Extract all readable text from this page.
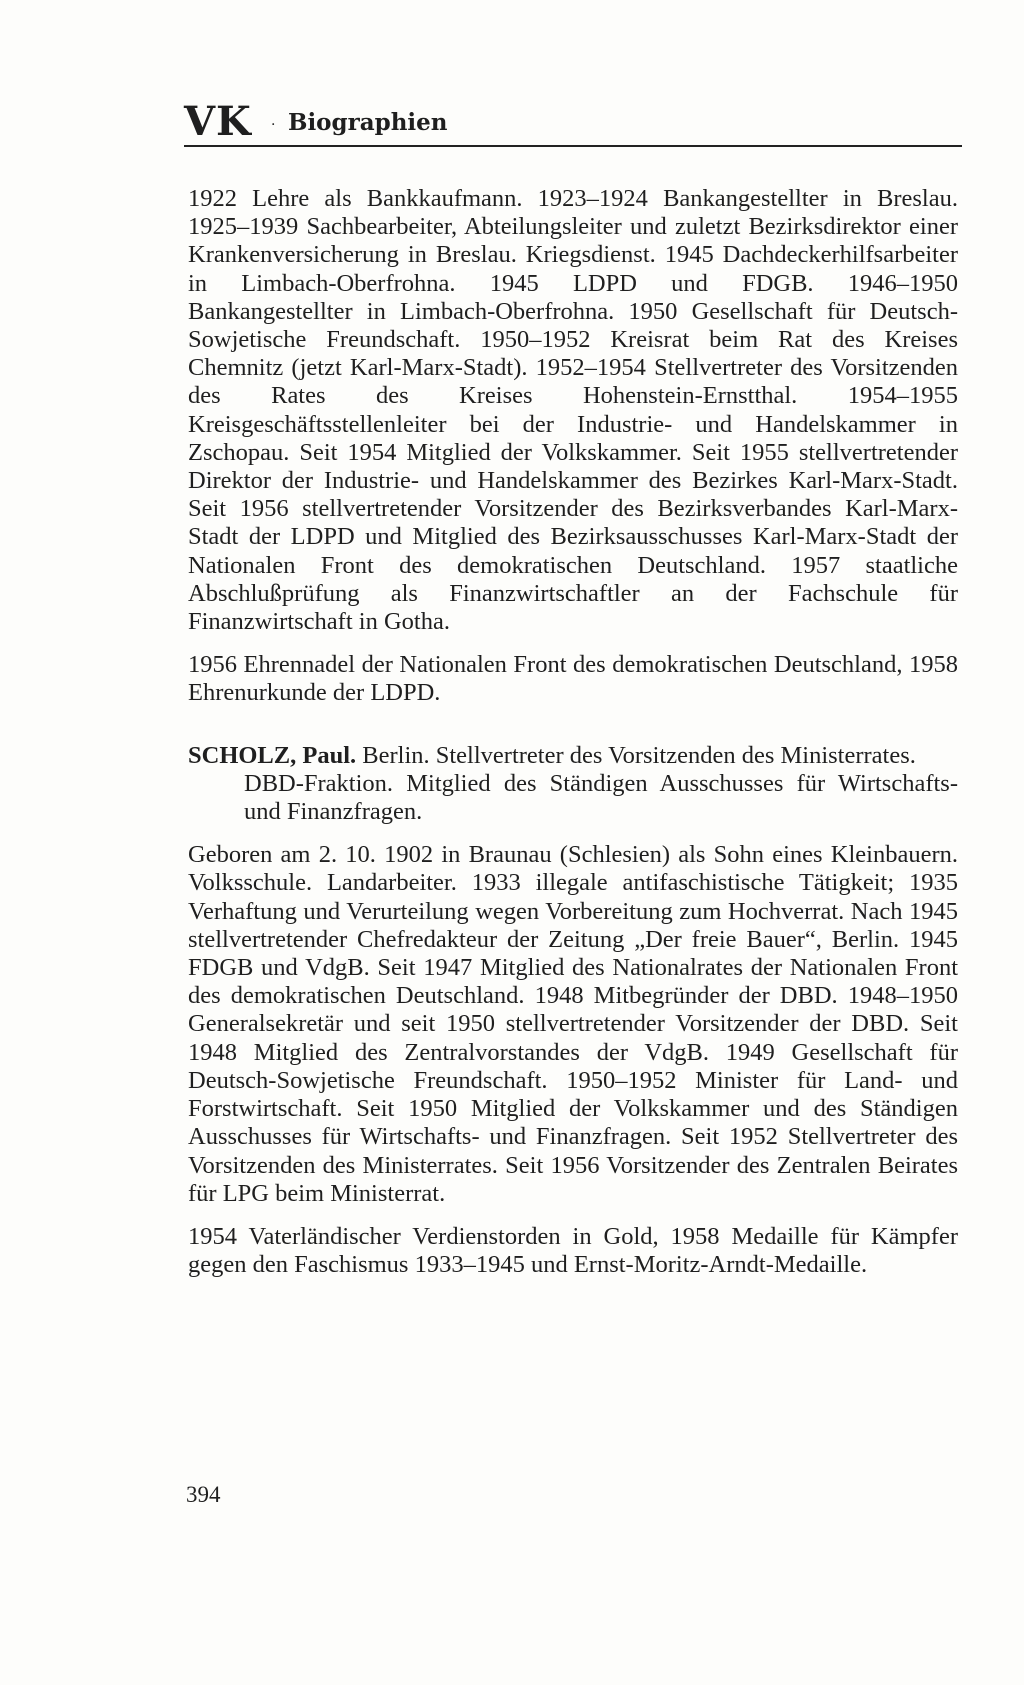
VK · Biographien

1922 Lehre als Bankkaufmann. 1923–1924 Bankangestellter in Breslau. 1925–1939 Sachbearbeiter, Abteilungsleiter und zuletzt Bezirksdirektor einer Krankenversicherung in Breslau. Kriegsdienst. 1945 Dachdeckerhilfsarbeiter in Limbach-Oberfrohna. 1945 LDPD und FDGB. 1946–1950 Bankangestellter in Limbach-Oberfrohna. 1950 Gesellschaft für Deutsch-Sowjetische Freundschaft. 1950–1952 Kreisrat beim Rat des Kreises Chemnitz (jetzt Karl-Marx-Stadt). 1952–1954 Stellvertreter des Vorsitzenden des Rates des Kreises Hohenstein-Ernstthal. 1954–1955 Kreisgeschäftsstellenleiter bei der Industrie- und Handelskammer in Zschopau. Seit 1954 Mitglied der Volkskammer. Seit 1955 stellvertretender Direktor der Industrie- und Handelskammer des Bezirkes Karl-Marx-Stadt. Seit 1956 stellvertretender Vorsitzender des Bezirksverbandes Karl-Marx-Stadt der LDPD und Mitglied des Bezirksausschusses Karl-Marx-Stadt der Nationalen Front des demokratischen Deutschland. 1957 staatliche Abschlußprüfung als Finanzwirtschaftler an der Fachschule für Finanzwirtschaft in Gotha.

1956 Ehrennadel der Nationalen Front des demokratischen Deutschland, 1958 Ehrenurkunde der LDPD.

SCHOLZ, Paul. Berlin. Stellvertreter des Vorsitzenden des Ministerrates.

DBD-Fraktion. Mitglied des Ständigen Ausschusses für Wirtschafts- und Finanzfragen.

Geboren am 2. 10. 1902 in Braunau (Schlesien) als Sohn eines Kleinbauern. Volksschule. Landarbeiter. 1933 illegale antifaschistische Tätigkeit; 1935 Verhaftung und Verurteilung wegen Vorbereitung zum Hochverrat. Nach 1945 stellvertretender Chefredakteur der Zeitung „Der freie Bauer“, Berlin. 1945 FDGB und VdgB. Seit 1947 Mitglied des Nationalrates der Nationalen Front des demokratischen Deutschland. 1948 Mitbegründer der DBD. 1948–1950 Generalsekretär und seit 1950 stellvertretender Vorsitzender der DBD. Seit 1948 Mitglied des Zentralvorstandes der VdgB. 1949 Gesellschaft für Deutsch-Sowjetische Freundschaft. 1950–1952 Minister für Land- und Forstwirtschaft. Seit 1950 Mitglied der Volkskammer und des Ständigen Ausschusses für Wirtschafts- und Finanzfragen. Seit 1952 Stellvertreter des Vorsitzenden des Ministerrates. Seit 1956 Vorsitzender des Zentralen Beirates für LPG beim Ministerrat.

1954 Vaterländischer Verdienstorden in Gold, 1958 Medaille für Kämpfer gegen den Faschismus 1933–1945 und Ernst-Moritz-Arndt-Medaille.

394
